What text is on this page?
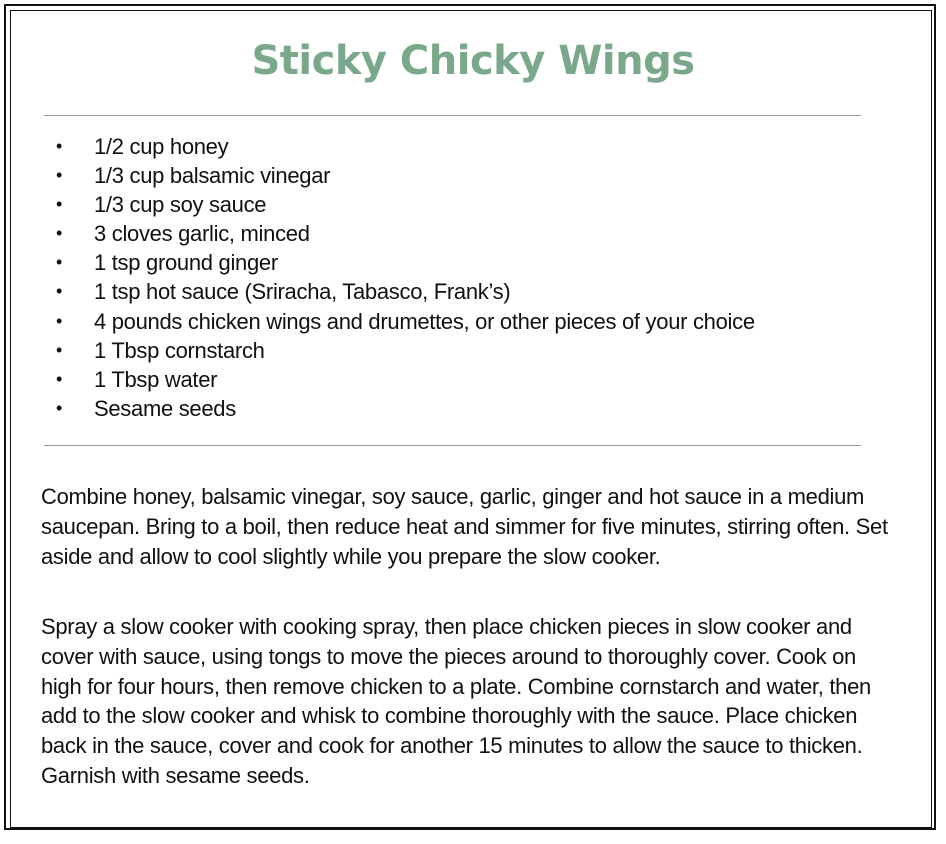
Sticky Chicky Wings
• 1/2 cup honey
• 1/3 cup balsamic vinegar
• 1/3 cup soy sauce
• 3 cloves garlic, minced
• 1 tsp ground ginger
• 1 tsp hot sauce (Sriracha, Tabasco, Frank’s)
• 4 pounds chicken wings and drumettes, or other pieces of your choice
• 1 Tbsp cornstarch
• 1 Tbsp water
• Sesame seeds

Combine honey, balsamic vinegar, soy sauce, garlic, ginger and hot sauce in a medium saucepan. Bring to a boil, then reduce heat and simmer for five minutes, stirring often. Set aside and allow to cool slightly while you prepare the slow cooker.

Spray a slow cooker with cooking spray, then place chicken pieces in slow cooker and cover with sauce, using tongs to move the pieces around to thoroughly cover. Cook on high for four hours, then remove chicken to a plate. Combine cornstarch and water, then add to the slow cooker and whisk to combine thoroughly with the sauce. Place chicken back in the sauce, cover and cook for another 15 minutes to allow the sauce to thicken. Garnish with sesame seeds.
